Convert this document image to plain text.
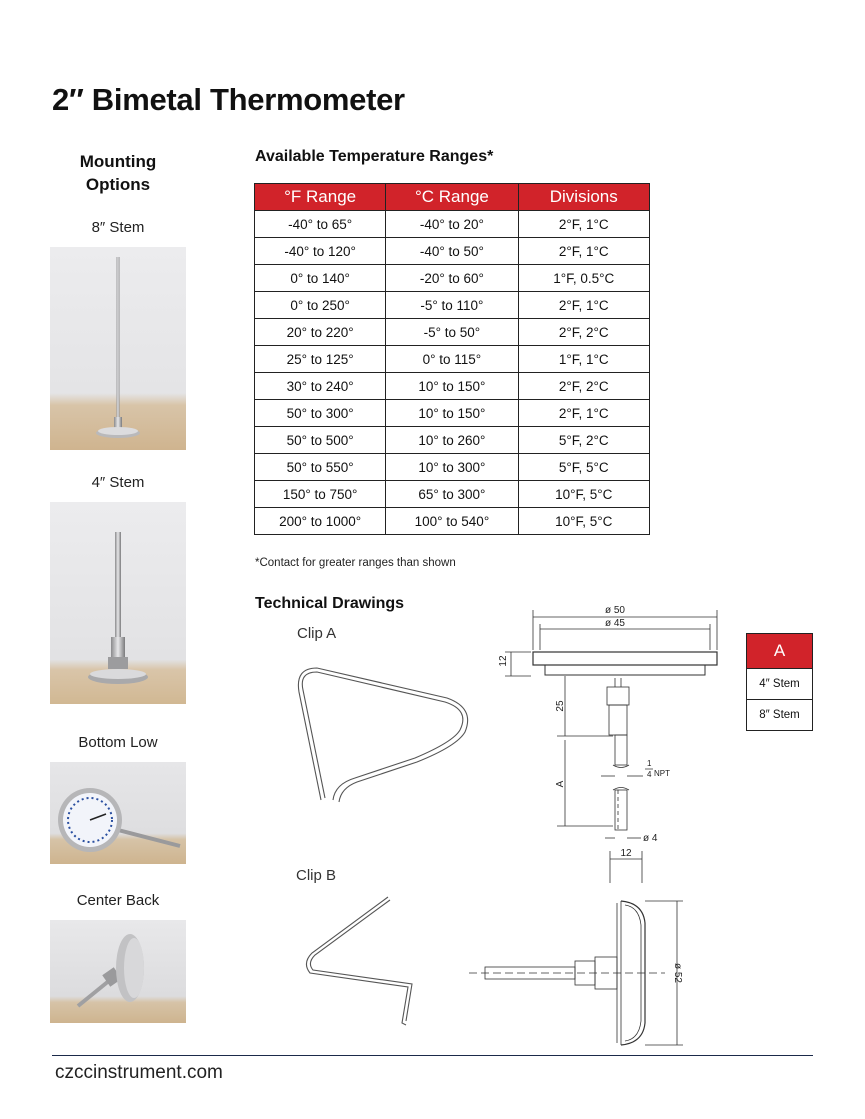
2″ Bimetal Thermometer
Mounting Options
8″ Stem
4″ Stem
Bottom Low
Center Back
Available Temperature Ranges*
°F Range	°C Range	Divisions
-40° to 65°	-40° to 20°	2°F, 1°C
-40° to 120°	-40° to 50°	2°F, 1°C
0° to 140°	-20° to 60°	1°F, 0.5°C
0° to 250°	-5° to 110°	2°F, 1°C
20° to 220°	-5° to 50°	2°F, 2°C
25° to 125°	0° to 115°	1°F, 1°C
30° to 240°	10° to 150°	2°F, 2°C
50° to 300°	10° to 150°	2°F, 1°C
50° to 500°	10° to 260°	5°F, 2°C
50° to 550°	10° to 300°	5°F, 5°C
150° to 750°	65° to 300°	10°F, 5°C
200° to 1000°	100° to 540°	10°F, 5°C
*Contact for greater ranges than shown
Technical Drawings
Clip A
Clip B
ø 50
ø 45
12
25
A
1
4 NPT
ø 4
12
ø 52
A
4″ Stem
8″ Stem
czccinstrument.com
